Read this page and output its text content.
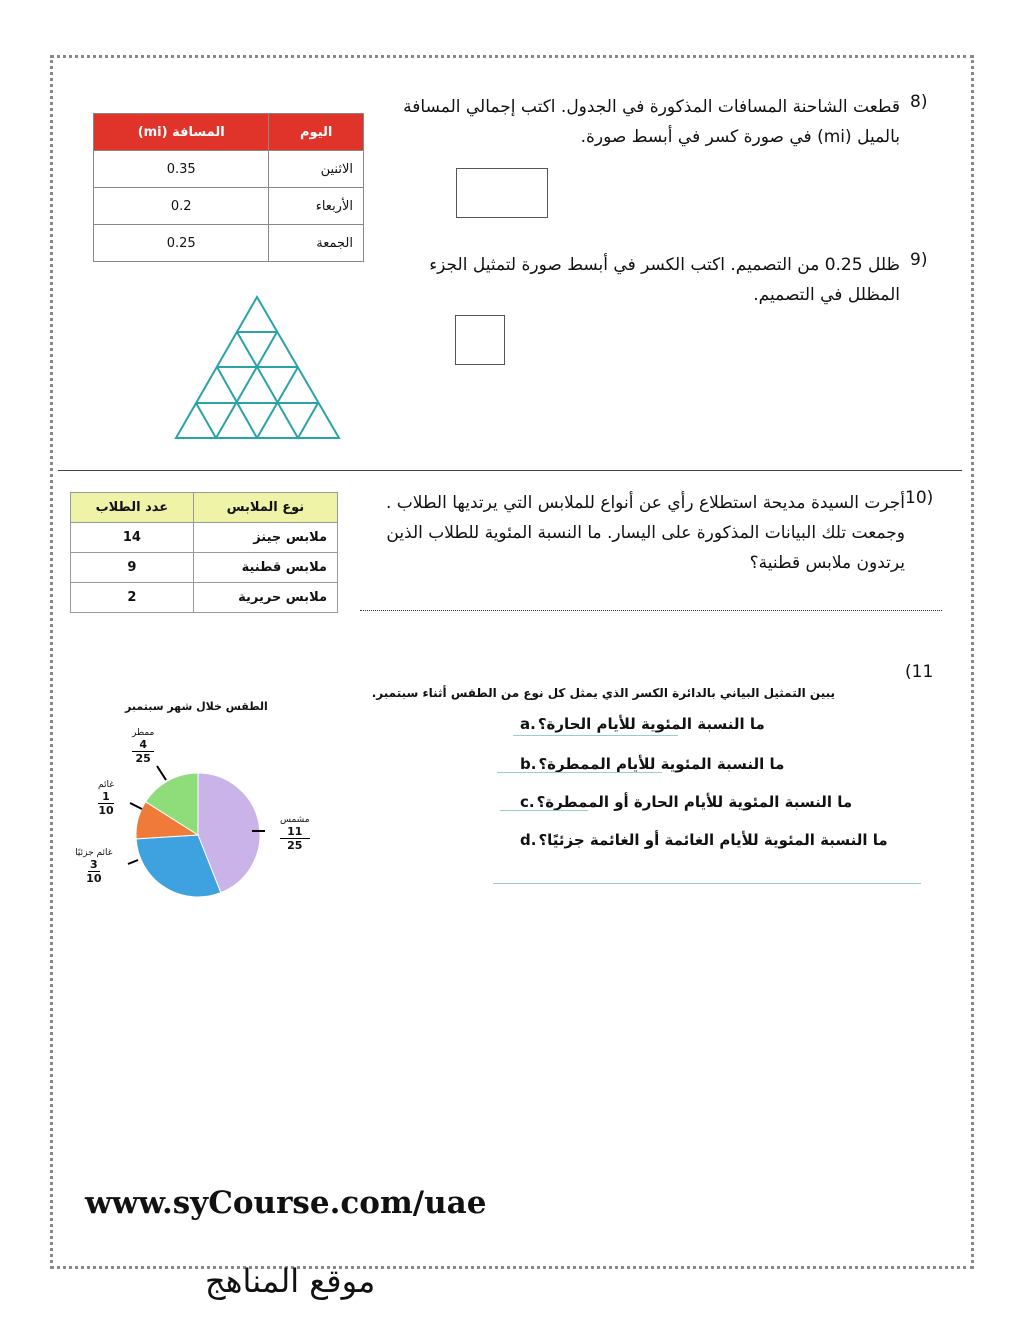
قطعت الشاحنة المسافات المذكورة في الجدول. اكتب إجمالي المسافة بالميل (mi) في صورة كسر في أبسط صورة.
8)
اليوم	المسافة (mi)
الاثنين	0.35
الأربعاء	0.2
الجمعة	0.25
ظلل 0.25 من التصميم. اكتب الكسر في أبسط صورة لتمثيل الجزء المظلل في التصميم.
9)
أجرت السيدة مديحة استطلاع رأي عن أنواع للملابس التي يرتديها الطلاب . وجمعت تلك البيانات المذكورة على اليسار. ما النسبة المئوية للطلاب الذين يرتدون ملابس قطنية؟
10)
نوع الملابس	عدد الطلاب
ملابس جينز	14
ملابس قطنية	9
ملابس حريرية	2
(11
يبين التمثيل البياني بالدائرة الكسر الذي يمثل كل نوع من الطقس أثناء سبتمبر.
.a ما النسبة المئوية للأيام الحارة؟
.b ما النسبة المئوية للأيام الممطرة؟
.c ما النسبة المئوية للأيام الحارة أو الممطرة؟
.d ما النسبة المئوية للأيام الغائمة أو الغائمة جزئيًا؟
الطقس خلال شهر سبتمبر
ممطر
4
25
غائم
1
10
غائم جزئيًا
3
10
مشمس
11
25
www.syCourse.com/uae
موقع المناهج
